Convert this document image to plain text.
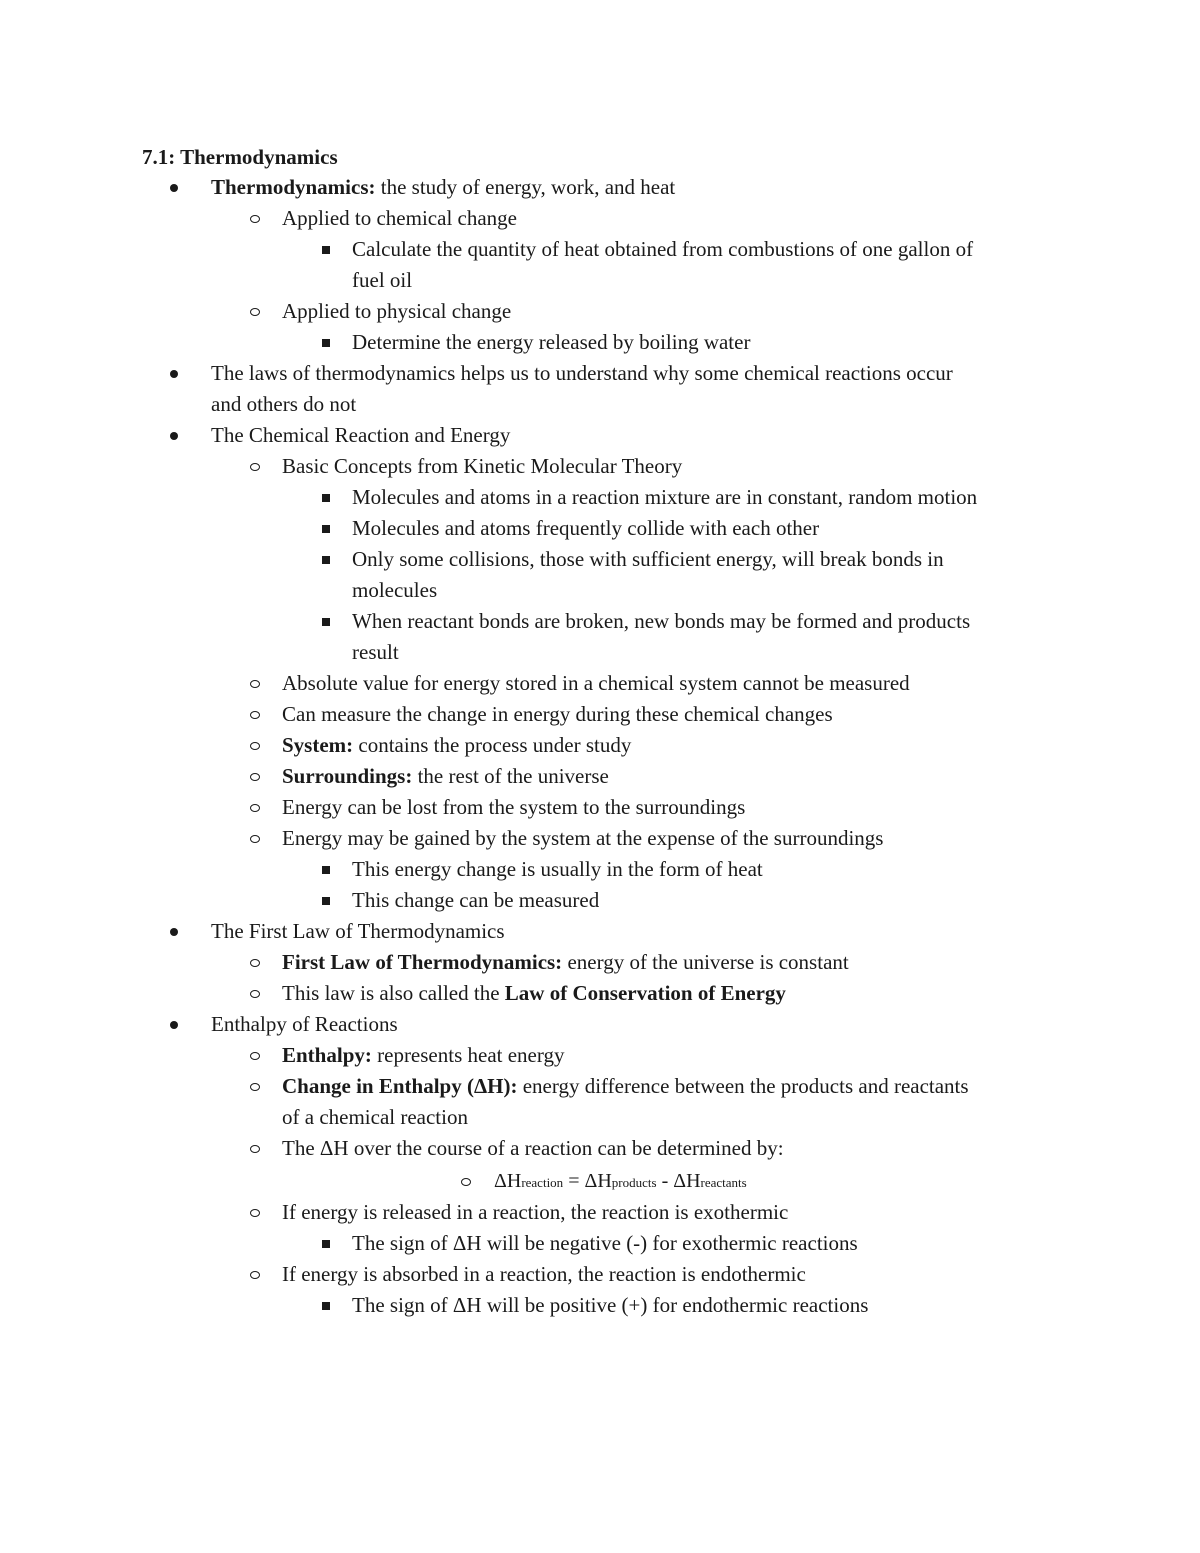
7.1: Thermodynamics
Thermodynamics: the study of energy, work, and heat
Applied to chemical change
Calculate the quantity of heat obtained from combustions of one gallon of
fuel oil
Applied to physical change
Determine the energy released by boiling water
The laws of thermodynamics helps us to understand why some chemical reactions occur
and others do not
The Chemical Reaction and Energy
Basic Concepts from Kinetic Molecular Theory
Molecules and atoms in a reaction mixture are in constant, random motion
Molecules and atoms frequently collide with each other
Only some collisions, those with sufficient energy, will break bonds in
molecules
When reactant bonds are broken, new bonds may be formed and products
result
Absolute value for energy stored in a chemical system cannot be measured
Can measure the change in energy during these chemical changes
System: contains the process under study
Surroundings: the rest of the universe
Energy can be lost from the system to the surroundings
Energy may be gained by the system at the expense of the surroundings
This energy change is usually in the form of heat
This change can be measured
The First Law of Thermodynamics
First Law of Thermodynamics: energy of the universe is constant
This law is also called the Law of Conservation of Energy
Enthalpy of Reactions
Enthalpy: represents heat energy
Change in Enthalpy (ΔH): energy difference between the products and reactants
of a chemical reaction
The ΔH over the course of a reaction can be determined by:
ΔHreaction = ΔHproducts - ΔHreactants
If energy is released in a reaction, the reaction is exothermic
The sign of ΔH will be negative (-) for exothermic reactions
If energy is absorbed in a reaction, the reaction is endothermic
The sign of ΔH will be positive (+) for endothermic reactions
